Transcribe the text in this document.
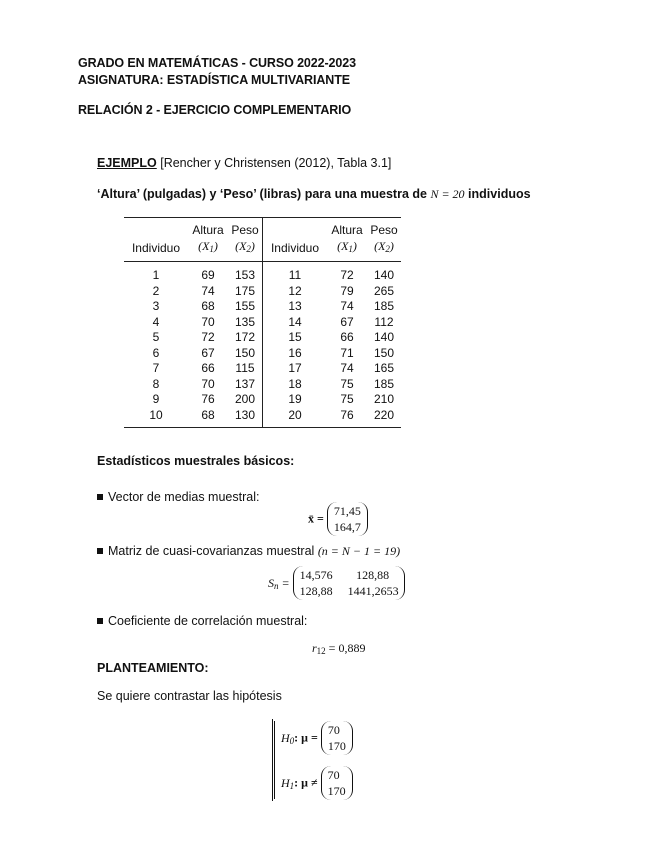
GRADO EN MATEMÁTICAS - CURSO 2022-2023
ASIGNATURA: ESTADÍSTICA MULTIVARIANTE
RELACIÓN 2 - EJERCICIO COMPLEMENTARIO
EJEMPLO [Rencher y Christensen (2012), Tabla 3.1]
‘Altura’ (pulgadas) y ‘Peso’ (libras) para una muestra de N = 20 individuos
	Altura	Peso		Altura	Peso
Individuo	$(X_1)$	$(X_2)$	Individuo	$(X_1)$	$(X_2)$
1	69	153	11	72	140
2	74	175	12	79	265
3	68	155	13	74	185
4	70	135	14	67	112
5	72	172	15	66	140
6	67	150	16	71	150
7	66	115	17	74	165
8	70	137	18	75	185
9	76	200	19	75	210
10	68	130	20	76	220
Estadísticos muestrales básicos:
Vector de medias muestral:
x̄ =
71,45
164,7
Matriz de cuasi-covarianzas muestral (n = N − 1 = 19)
$S_n$ =
14,576 128,88
128,88 1441,2653
Coeficiente de correlación muestral:
$r_{12} = 0,889$
PLANTEAMIENTO:
Se quiere contrastar las hipótesis
$H_0$: μ =
70
170
$H_1$: μ ≠
70
170
